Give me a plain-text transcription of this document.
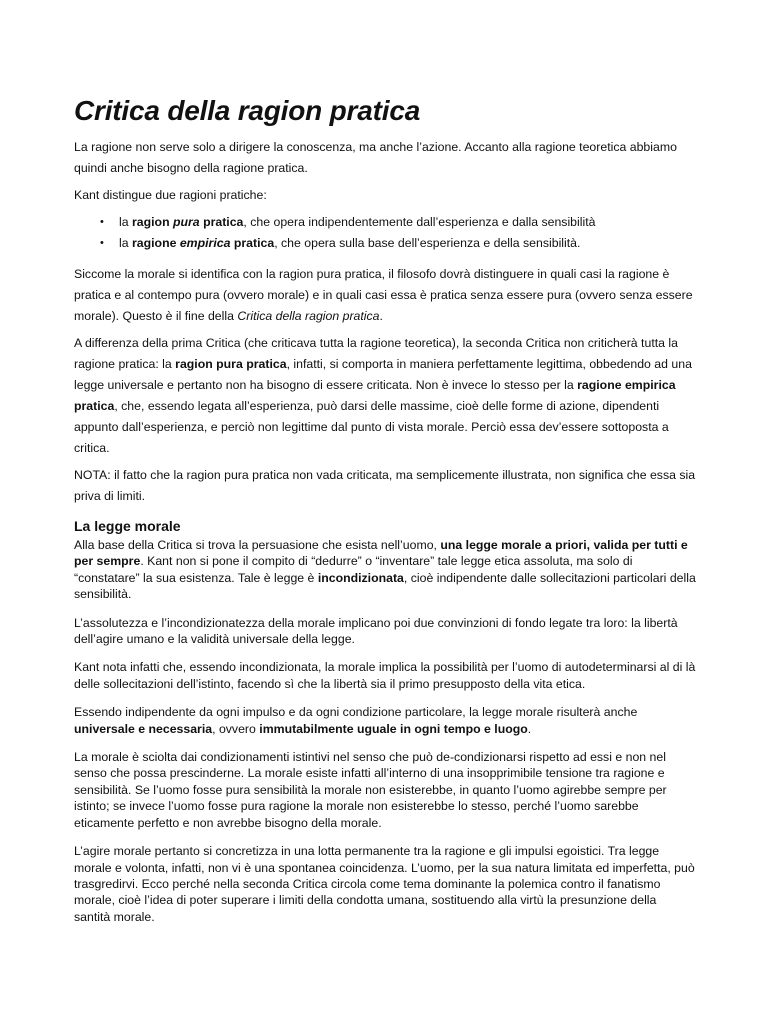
Critica della ragion pratica

La ragione non serve solo a dirigere la conoscenza, ma anche l’azione. Accanto alla ragione teoretica abbiamo quindi anche bisogno della ragione pratica.

Kant distingue due ragioni pratiche:

• la ragion pura pratica, che opera indipendentemente dall’esperienza e dalla sensibilità
• la ragione empirica pratica, che opera sulla base dell’esperienza e della sensibilità.

Siccome la morale si identifica con la ragion pura pratica, il filosofo dovrà distinguere in quali casi la ragione è pratica e al contempo pura (ovvero morale) e in quali casi essa è pratica senza essere pura (ovvero senza essere morale). Questo è il fine della Critica della ragion pratica.

A differenza della prima Critica (che criticava tutta la ragione teoretica), la seconda Critica non criticherà tutta la ragione pratica: la ragion pura pratica, infatti, si comporta in maniera perfettamente legittima, obbedendo ad una legge universale e pertanto non ha bisogno di essere criticata. Non è invece lo stesso per la ragione empirica pratica, che, essendo legata all’esperienza, può darsi delle massime, cioè delle forme di azione, dipendenti appunto dall’esperienza, e perciò non legittime dal punto di vista morale. Perciò essa dev’essere sottoposta a critica.

NOTA: il fatto che la ragion pura pratica non vada criticata, ma semplicemente illustrata, non significa che essa sia priva di limiti.

La legge morale

Alla base della Critica si trova la persuasione che esista nell’uomo, una legge morale a priori, valida per tutti e per sempre. Kant non si pone il compito di “dedurre” o “inventare” tale legge etica assoluta, ma solo di “constatare” la sua esistenza. Tale è legge è incondizionata, cioè indipendente dalle sollecitazioni particolari della sensibilità.

L’assolutezza e l’incondizionatezza della morale implicano poi due convinzioni di fondo legate tra loro: la libertà dell’agire umano e la validità universale della legge.

Kant nota infatti che, essendo incondizionata, la morale implica la possibilità per l’uomo di autodeterminarsi al di là delle sollecitazioni dell’istinto, facendo sì che la libertà sia il primo presupposto della vita etica.

Essendo indipendente da ogni impulso e da ogni condizione particolare, la legge morale risulterà anche universale e necessaria, ovvero immutabilmente uguale in ogni tempo e luogo.

La morale è sciolta dai condizionamenti istintivi nel senso che può de-condizionarsi rispetto ad essi e non nel senso che possa prescinderne. La morale esiste infatti all’interno di una insopprimibile tensione tra ragione e sensibilità. Se l’uomo fosse pura sensibilità la morale non esisterebbe, in quanto l’uomo agirebbe sempre per istinto; se invece l’uomo fosse pura ragione la morale non esisterebbe lo stesso, perché l’uomo sarebbe eticamente perfetto e non avrebbe bisogno della morale.

L’agire morale pertanto si concretizza in una lotta permanente tra la ragione e gli impulsi egoistici. Tra legge morale e volonta, infatti, non vi è una spontanea coincidenza. L’uomo, per la sua natura limitata ed imperfetta, può trasgredirvi. Ecco perché nella seconda Critica circola come tema dominante la polemica contro il fanatismo morale, cioè l’idea di poter superare i limiti della condotta umana, sostituendo alla virtù la presunzione della santità morale.
